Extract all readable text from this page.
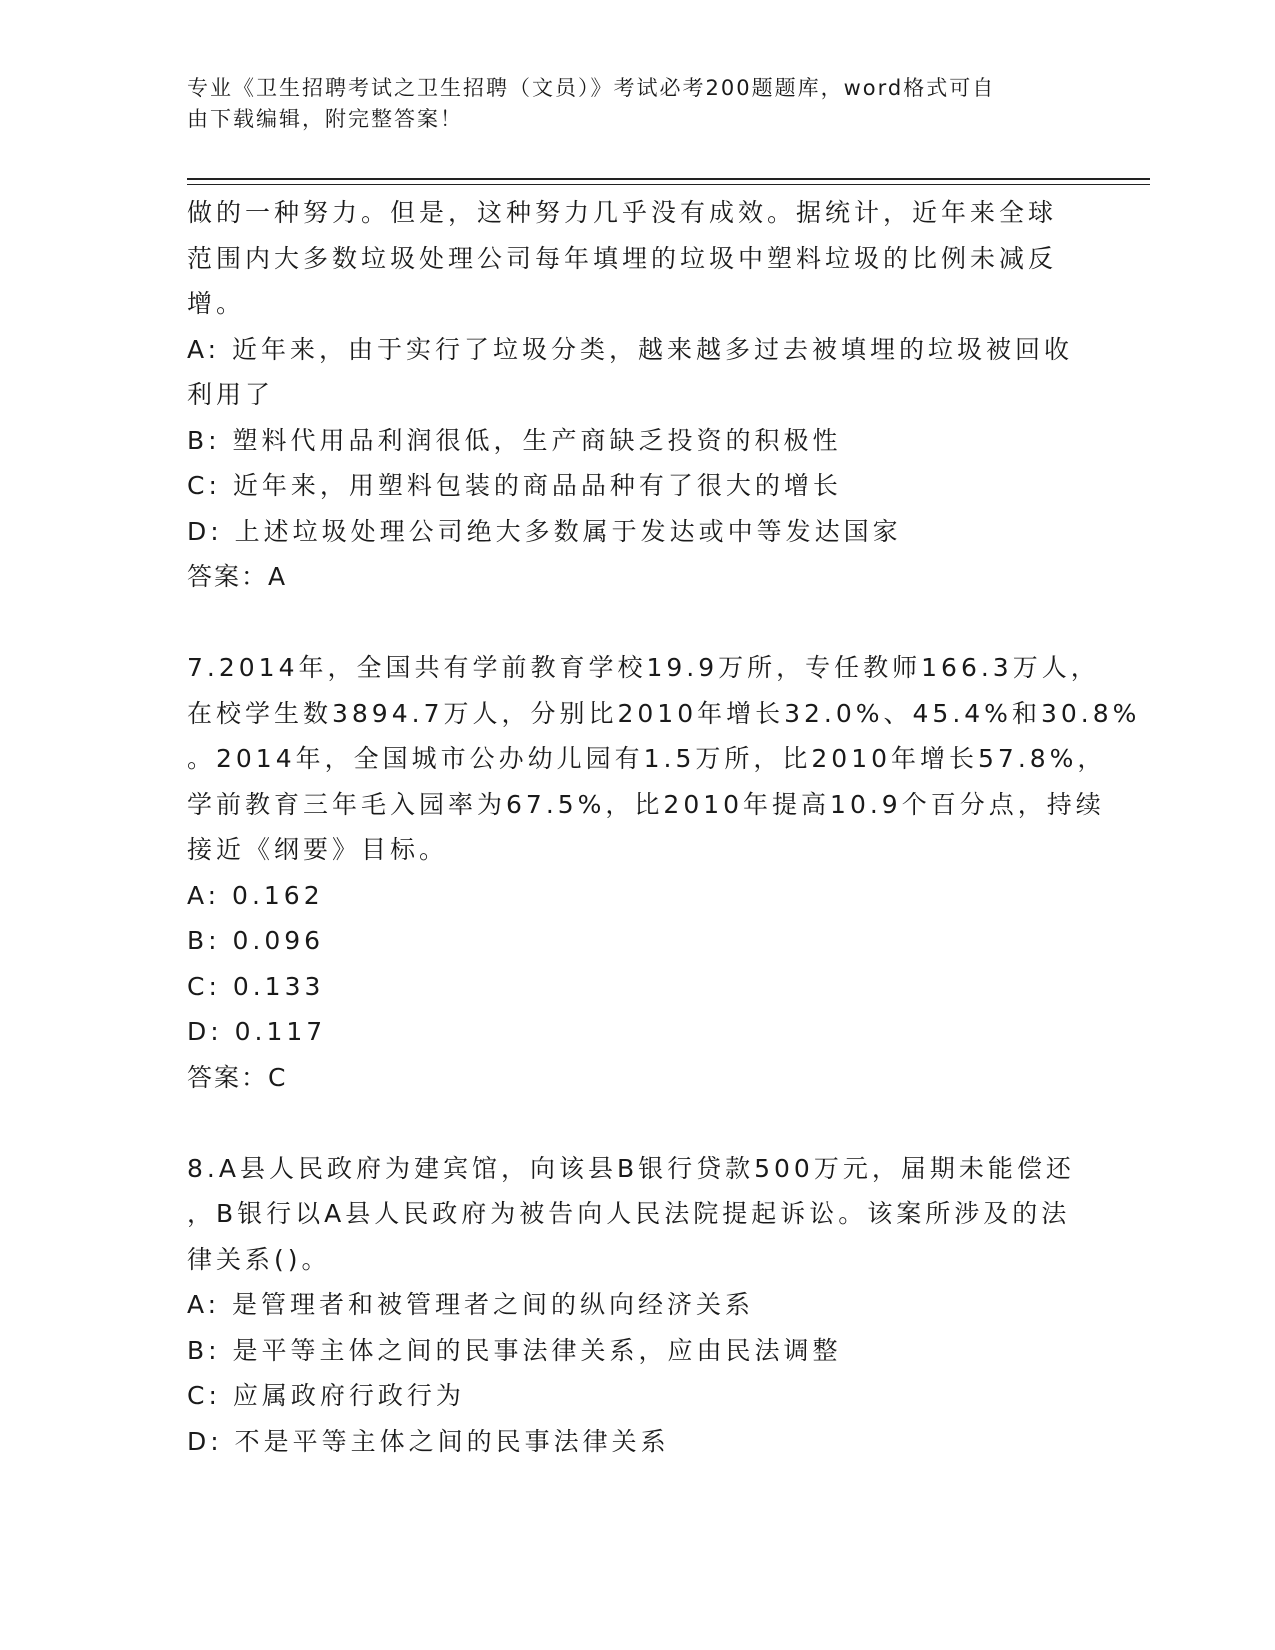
专业《卫生招聘考试之卫生招聘（文员）》考试必考200题题库，word格式可自
由下载编辑，附完整答案！
做的一种努力。但是，这种努力几乎没有成效。据统计，近年来全球
范围内大多数垃圾处理公司每年填埋的垃圾中塑料垃圾的比例未减反
增。
A: 近年来，由于实行了垃圾分类，越来越多过去被填埋的垃圾被回收
利用了
B: 塑料代用品利润很低，生产商缺乏投资的积极性
C: 近年来，用塑料包装的商品品种有了很大的增长
D: 上述垃圾处理公司绝大多数属于发达或中等发达国家
答案：A
7.2014年，全国共有学前教育学校19.9万所，专任教师166.3万人，
在校学生数3894.7万人，分别比2010年增长32.0%、45.4%和30.8%
。2014年，全国城市公办幼儿园有1.5万所，比2010年增长57.8%，
学前教育三年毛入园率为67.5%，比2010年提高10.9个百分点，持续
接近《纲要》目标。
A: 0.162
B: 0.096
C: 0.133
D: 0.117
答案：C
8.A县人民政府为建宾馆，向该县B银行贷款500万元，届期未能偿还
，B银行以A县人民政府为被告向人民法院提起诉讼。该案所涉及的法
律关系()。
A: 是管理者和被管理者之间的纵向经济关系
B: 是平等主体之间的民事法律关系，应由民法调整
C: 应属政府行政行为
D: 不是平等主体之间的民事法律关系
